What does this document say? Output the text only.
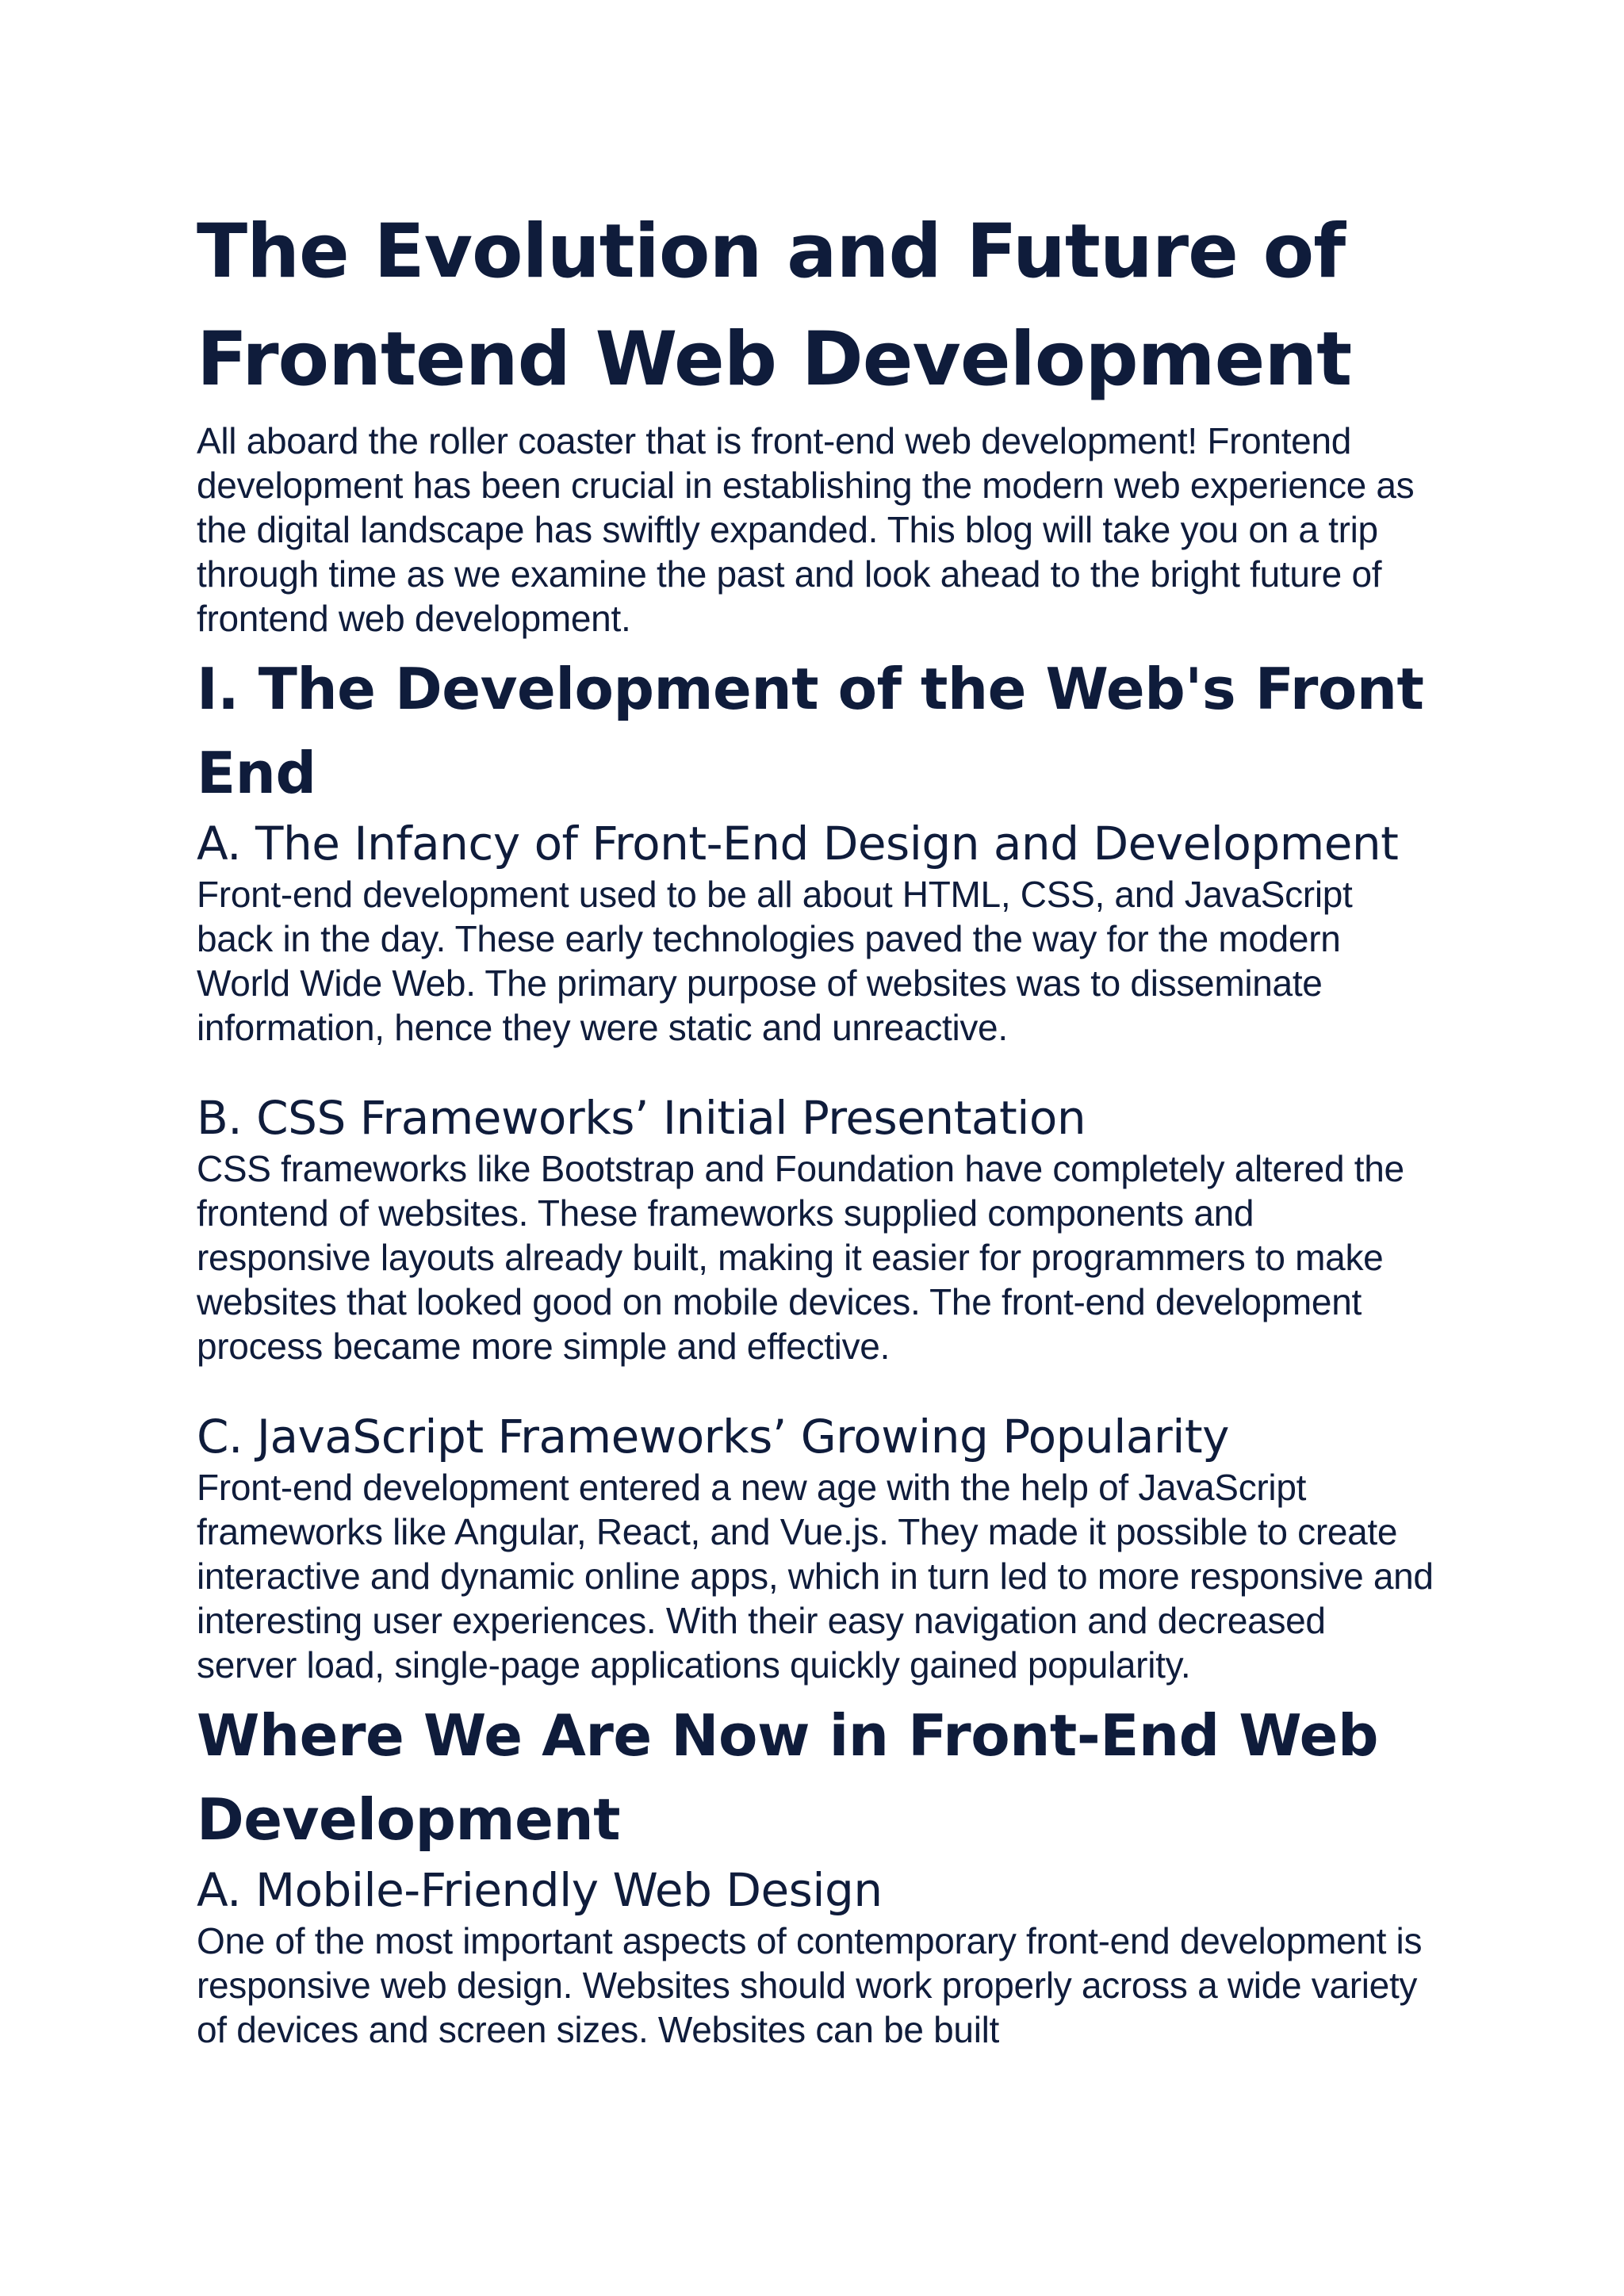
The Evolution and Future of Frontend Web Development

All aboard the roller coaster that is front-end web development! Frontend development has been crucial in establishing the modern web experience as the digital landscape has swiftly expanded. This blog will take you on a trip through time as we examine the past and look ahead to the bright future of frontend web development.

I. The Development of the Web's Front End
A. The Infancy of Front-End Design and Development

Front-end development used to be all about HTML, CSS, and JavaScript back in the day. These early technologies paved the way for the modern World Wide Web. The primary purpose of websites was to disseminate information, hence they were static and unreactive.

B. CSS Frameworks’ Initial Presentation

CSS frameworks like Bootstrap and Foundation have completely altered the frontend of websites. These frameworks supplied components and responsive layouts already built, making it easier for programmers to make websites that looked good on mobile devices. The front-end development process became more simple and effective.

C. JavaScript Frameworks’ Growing Popularity

Front-end development entered a new age with the help of JavaScript frameworks like Angular, React, and Vue.js. They made it possible to create interactive and dynamic online apps, which in turn led to more responsive and interesting user experiences. With their easy navigation and decreased server load, single-page applications quickly gained popularity.

Where We Are Now in Front-End Web Development
A. Mobile-Friendly Web Design

One of the most important aspects of contemporary front-end development is responsive web design. Websites should work properly across a wide variety of devices and screen sizes. Websites can be built
